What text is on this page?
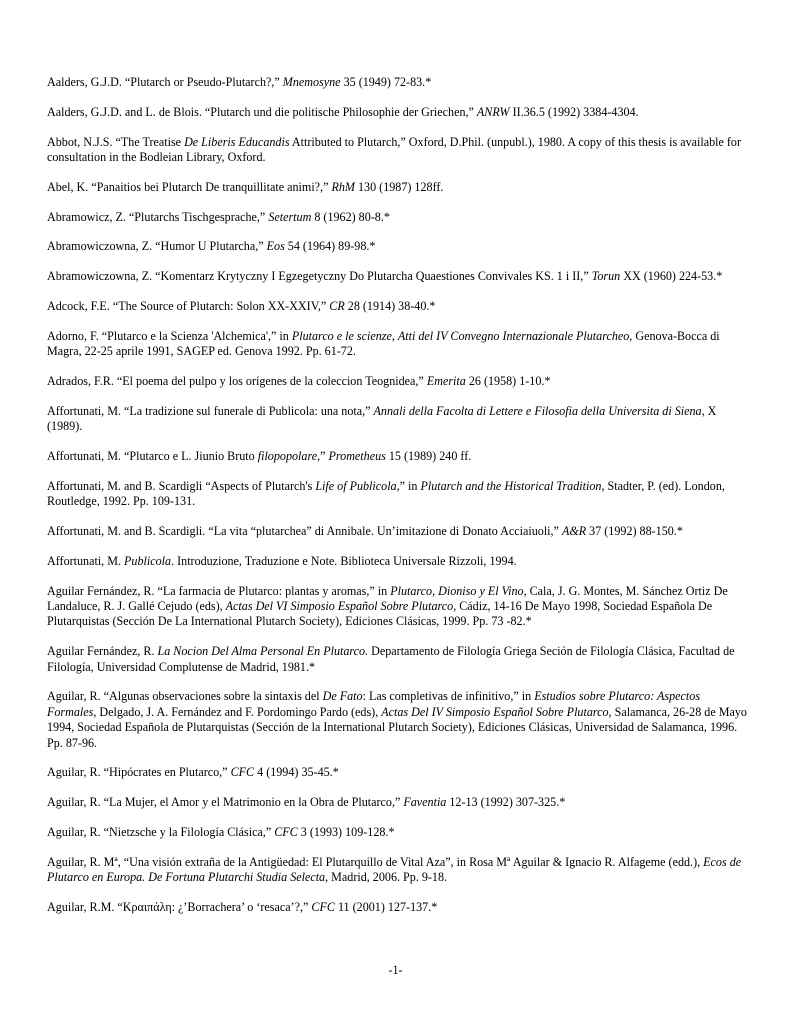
Aalders, G.J.D. “Plutarch or Pseudo-Plutarch?,” Mnemosyne 35 (1949) 72-83.*

Aalders, G.J.D. and L. de Blois. “Plutarch und die politische Philosophie der Griechen,” ANRW II.36.5 (1992) 3384-4304.

Abbot, N.J.S. “The Treatise De Liberis Educandis Attributed to Plutarch,” Oxford, D.Phil. (unpubl.), 1980. A copy of this thesis is available for consultation in the Bodleian Library, Oxford.

Abel, K. “Panaitios bei Plutarch De tranquillitate animi?,” RhM 130 (1987) 128ff.

Abramowicz, Z. “Plutarchs Tischgesprache,” Setertum 8 (1962) 80-8.*

Abramowiczowna, Z. “Humor U Plutarcha,” Eos 54 (1964) 89-98.*

Abramowiczowna, Z. “Komentarz Krytyczny I Egzegetyczny Do Plutarcha Quaestiones Convivales KS. 1 i II,” Torun XX (1960) 224-53.*

Adcock, F.E. “The Source of Plutarch: Solon XX-XXIV,” CR 28 (1914) 38-40.*

Adorno, F. “Plutarco e la Scienza 'Alchemica',” in Plutarco e le scienze, Atti del IV Convegno Internazionale Plutarcheo, Genova-Bocca di Magra, 22-25 aprile 1991, SAGEP ed. Genova 1992. Pp. 61-72.

Adrados, F.R. “El poema del pulpo y los orígenes de la coleccion Teognidea,” Emerita 26 (1958) 1-10.*

Affortunati, M. “La tradizione sul funerale di Publicola: una nota,” Annali della Facolta di Lettere e Filosofia della Universita di Siena, X (1989).

Affortunati, M. “Plutarco e L. Jiunio Bruto filopopolare,” Prometheus 15 (1989) 240 ff.

Affortunati, M. and B. Scardigli “Aspects of Plutarch's Life of Publicola,” in Plutarch and the Historical Tradition, Stadter, P. (ed). London, Routledge, 1992. Pp. 109-131.

Affortunati, M. and B. Scardigli. “La vita “plutarchea” di Annibale. Un’imitazione di Donato Acciaiuoli,” A&R 37 (1992) 88-150.*

Affortunati, M. Publicola. Introduzione, Traduzione e Note. Biblioteca Universale Rizzoli, 1994.

Aguilar Fernández, R. “La farmacia de Plutarco: plantas y aromas,” in Plutarco, Dioniso y El Vino, Cala, J. G. Montes, M. Sánchez Ortiz De Landaluce, R. J. Gallé Cejudo (eds), Actas Del VI Simposio Español Sobre Plutarco, Cádiz, 14-16 De Mayo 1998, Sociedad Española De Plutarquistas (Sección De La International Plutarch Society), Ediciones Clásicas, 1999. Pp. 73 -82.*

Aguilar Fernández, R. La Nocion Del Alma Personal En Plutarco. Departamento de Filología Griega Seción de Filología Clásica, Facultad de Filología, Universidad Complutense de Madrid, 1981.*

Aguilar, R. “Algunas observaciones sobre la sintaxis del De Fato: Las completivas de infinitivo,” in Estudios sobre Plutarco: Aspectos Formales, Delgado, J. A. Fernández and F. Pordomingo Pardo (eds), Actas Del IV Simposio Español Sobre Plutarco, Salamanca, 26-28 de Mayo 1994, Sociedad Española de Plutarquistas (Sección de la International Plutarch Society), Ediciones Clásicas, Universidad de Salamanca, 1996. Pp. 87-96.

Aguilar, R. “Hipócrates en Plutarco,” CFC 4 (1994) 35-45.*

Aguilar, R. “La Mujer, el Amor y el Matrimonio en la Obra de Plutarco,” Faventia 12-13 (1992) 307-325.*

Aguilar, R. “Nietzsche y la Filología Clásica,” CFC 3 (1993) 109-128.*

Aguilar, R. Mª, “Una visión extraña de la Antigüedad: El Plutarquillo de Vital Aza”, in Rosa Mª Aguilar & Ignacio R. Alfageme (edd.), Ecos de Plutarco en Europa. De Fortuna Plutarchi Studia Selecta, Madrid, 2006. Pp. 9-18.

Aguilar, R.M. “Κραιπάλη: ¿’Borrachera’ o ‘resaca’?,” CFC 11 (2001) 127-137.*

-1-
